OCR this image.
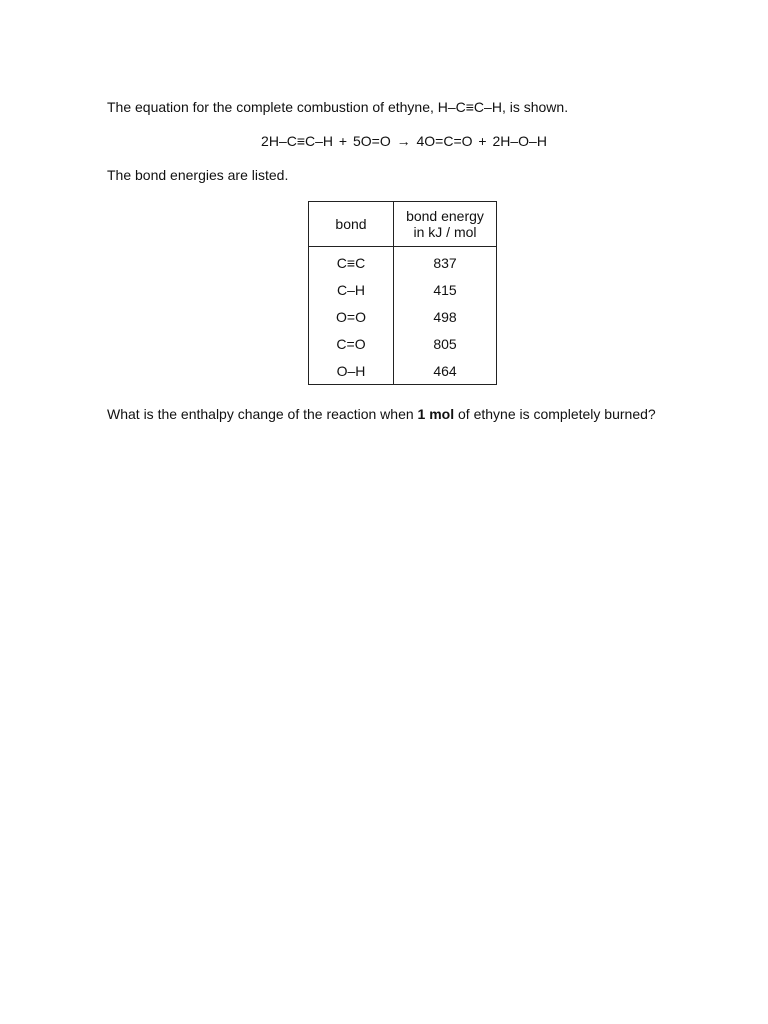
The equation for the complete combustion of ethyne, H–C≡C–H, is shown.
2H–C≡C–H + 5O=O → 4O=C=O + 2H–O–H
The bond energies are listed.
bond	bond energy
in kJ / mol

C≡C	837
C–H	415
O=O	498
C=O	805
O–H	464
What is the enthalpy change of the reaction when 1 mol of ethyne is completely burned?
